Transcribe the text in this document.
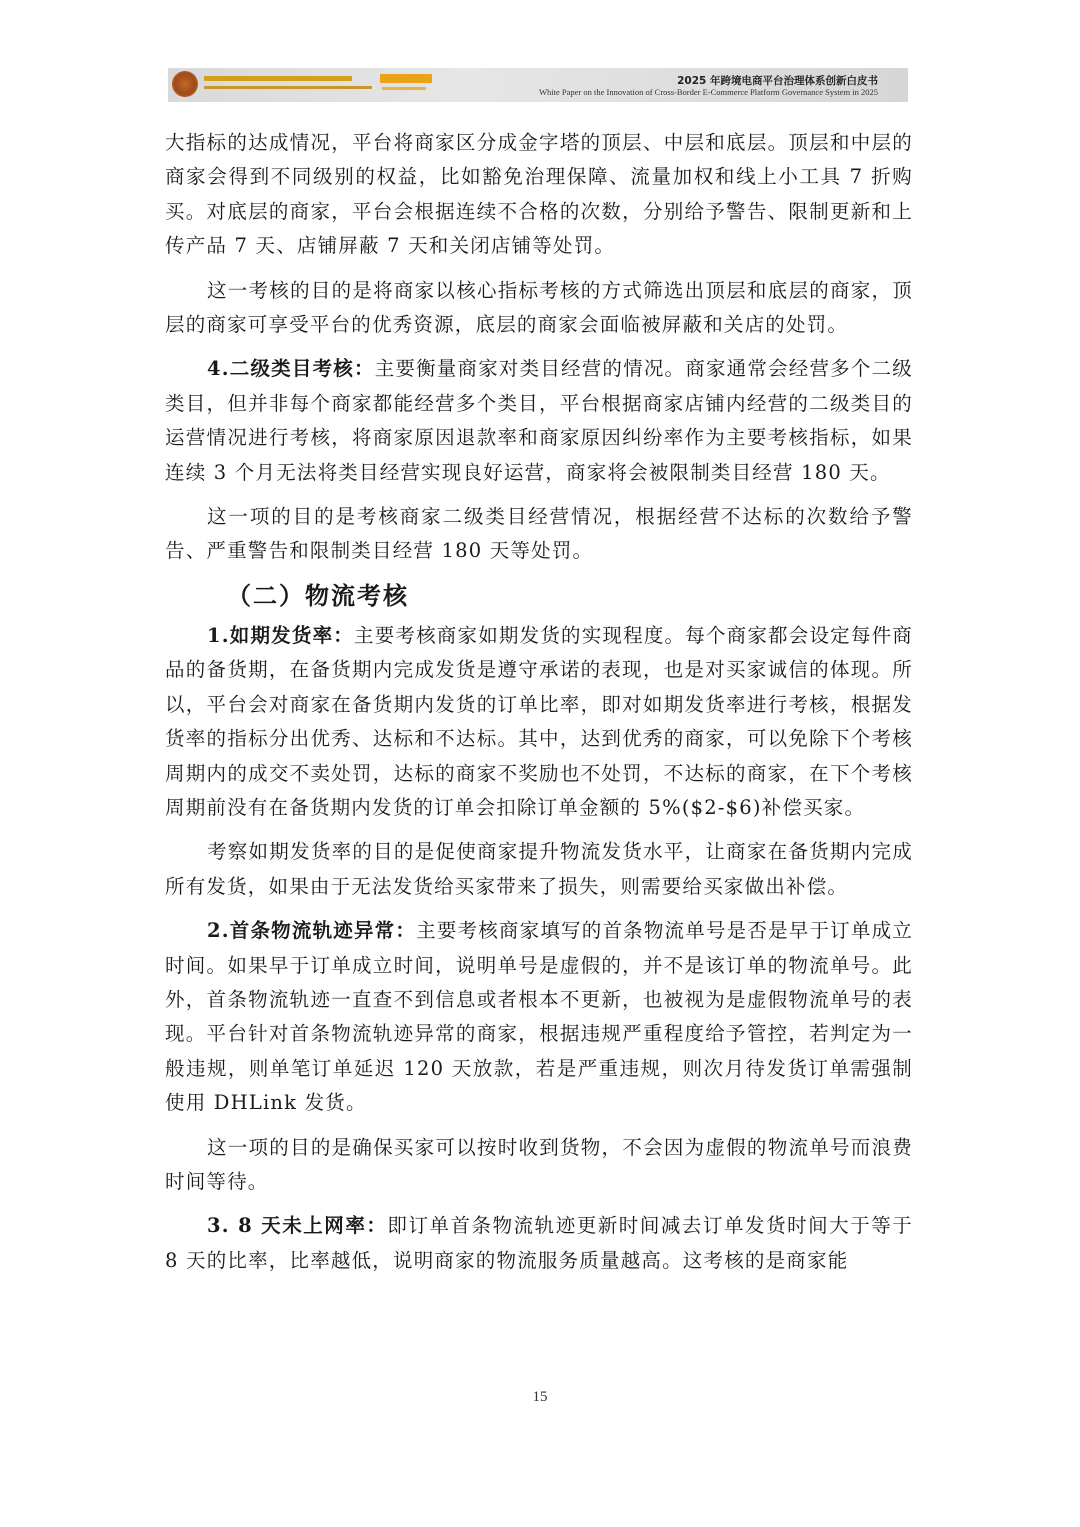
2025 年跨境电商平台治理体系创新白皮书
White Paper on the Innovation of Cross-Border E-Commerce Platform Governance System in 2025

大指标的达成情况，平台将商家区分成金字塔的顶层、中层和底层。顶层和中层的商家会得到不同级别的权益，比如豁免治理保障、流量加权和线上小工具 7 折购买。对底层的商家，平台会根据连续不合格的次数，分别给予警告、限制更新和上传产品 7 天、店铺屏蔽 7 天和关闭店铺等处罚。

这一考核的目的是将商家以核心指标考核的方式筛选出顶层和底层的商家，顶层的商家可享受平台的优秀资源，底层的商家会面临被屏蔽和关店的处罚。

4.二级类目考核：主要衡量商家对类目经营的情况。商家通常会经营多个二级类目，但并非每个商家都能经营多个类目，平台根据商家店铺内经营的二级类目的运营情况进行考核，将商家原因退款率和商家原因纠纷率作为主要考核指标，如果连续 3 个月无法将类目经营实现良好运营，商家将会被限制类目经营 180 天。

这一项的目的是考核商家二级类目经营情况，根据经营不达标的次数给予警告、严重警告和限制类目经营 180 天等处罚。

（二）物流考核

1.如期发货率：主要考核商家如期发货的实现程度。每个商家都会设定每件商品的备货期，在备货期内完成发货是遵守承诺的表现，也是对买家诚信的体现。所以，平台会对商家在备货期内发货的订单比率，即对如期发货率进行考核，根据发货率的指标分出优秀、达标和不达标。其中，达到优秀的商家，可以免除下个考核周期内的成交不卖处罚，达标的商家不奖励也不处罚，不达标的商家，在下个考核周期前没有在备货期内发货的订单会扣除订单金额的 5%($2-$6)补偿买家。

考察如期发货率的目的是促使商家提升物流发货水平，让商家在备货期内完成所有发货，如果由于无法发货给买家带来了损失，则需要给买家做出补偿。

2.首条物流轨迹异常：主要考核商家填写的首条物流单号是否是早于订单成立时间。如果早于订单成立时间，说明单号是虚假的，并不是该订单的物流单号。此外，首条物流轨迹一直查不到信息或者根本不更新，也被视为是虚假物流单号的表现。平台针对首条物流轨迹异常的商家，根据违规严重程度给予管控，若判定为一般违规，则单笔订单延迟 120 天放款，若是严重违规，则次月待发货订单需强制使用 DHLink 发货。

这一项的目的是确保买家可以按时收到货物，不会因为虚假的物流单号而浪费时间等待。

3. 8 天未上网率：即订单首条物流轨迹更新时间减去订单发货时间大于等于 8 天的比率，比率越低，说明商家的物流服务质量越高。这考核的是商家能

15
